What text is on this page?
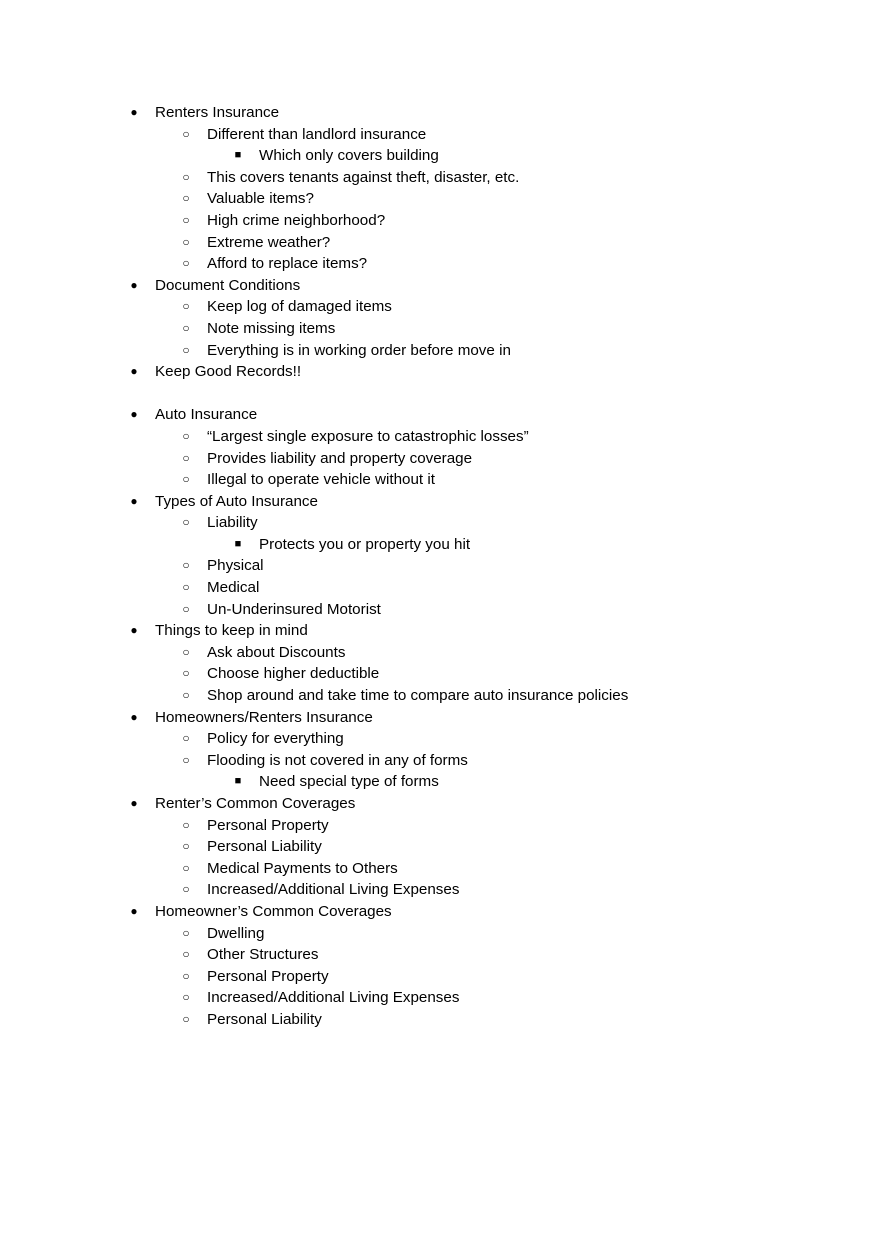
● Renters Insurance
○ Different than landlord insurance
■ Which only covers building
○ This covers tenants against theft, disaster, etc.
○ Valuable items?
○ High crime neighborhood?
○ Extreme weather?
○ Afford to replace items?
● Document Conditions
○ Keep log of damaged items
○ Note missing items
○ Everything is in working order before move in
● Keep Good Records!!
● Auto Insurance
○ “Largest single exposure to catastrophic losses”
○ Provides liability and property coverage
○ Illegal to operate vehicle without it
● Types of Auto Insurance
○ Liability
■ Protects you or property you hit
○ Physical
○ Medical
○ Un-Underinsured Motorist
● Things to keep in mind
○ Ask about Discounts
○ Choose higher deductible
○ Shop around and take time to compare auto insurance policies
● Homeowners/Renters Insurance
○ Policy for everything
○ Flooding is not covered in any of forms
■ Need special type of forms
● Renter’s Common Coverages
○ Personal Property
○ Personal Liability
○ Medical Payments to Others
○ Increased/Additional Living Expenses
● Homeowner’s Common Coverages
○ Dwelling
○ Other Structures
○ Personal Property
○ Increased/Additional Living Expenses
○ Personal Liability
